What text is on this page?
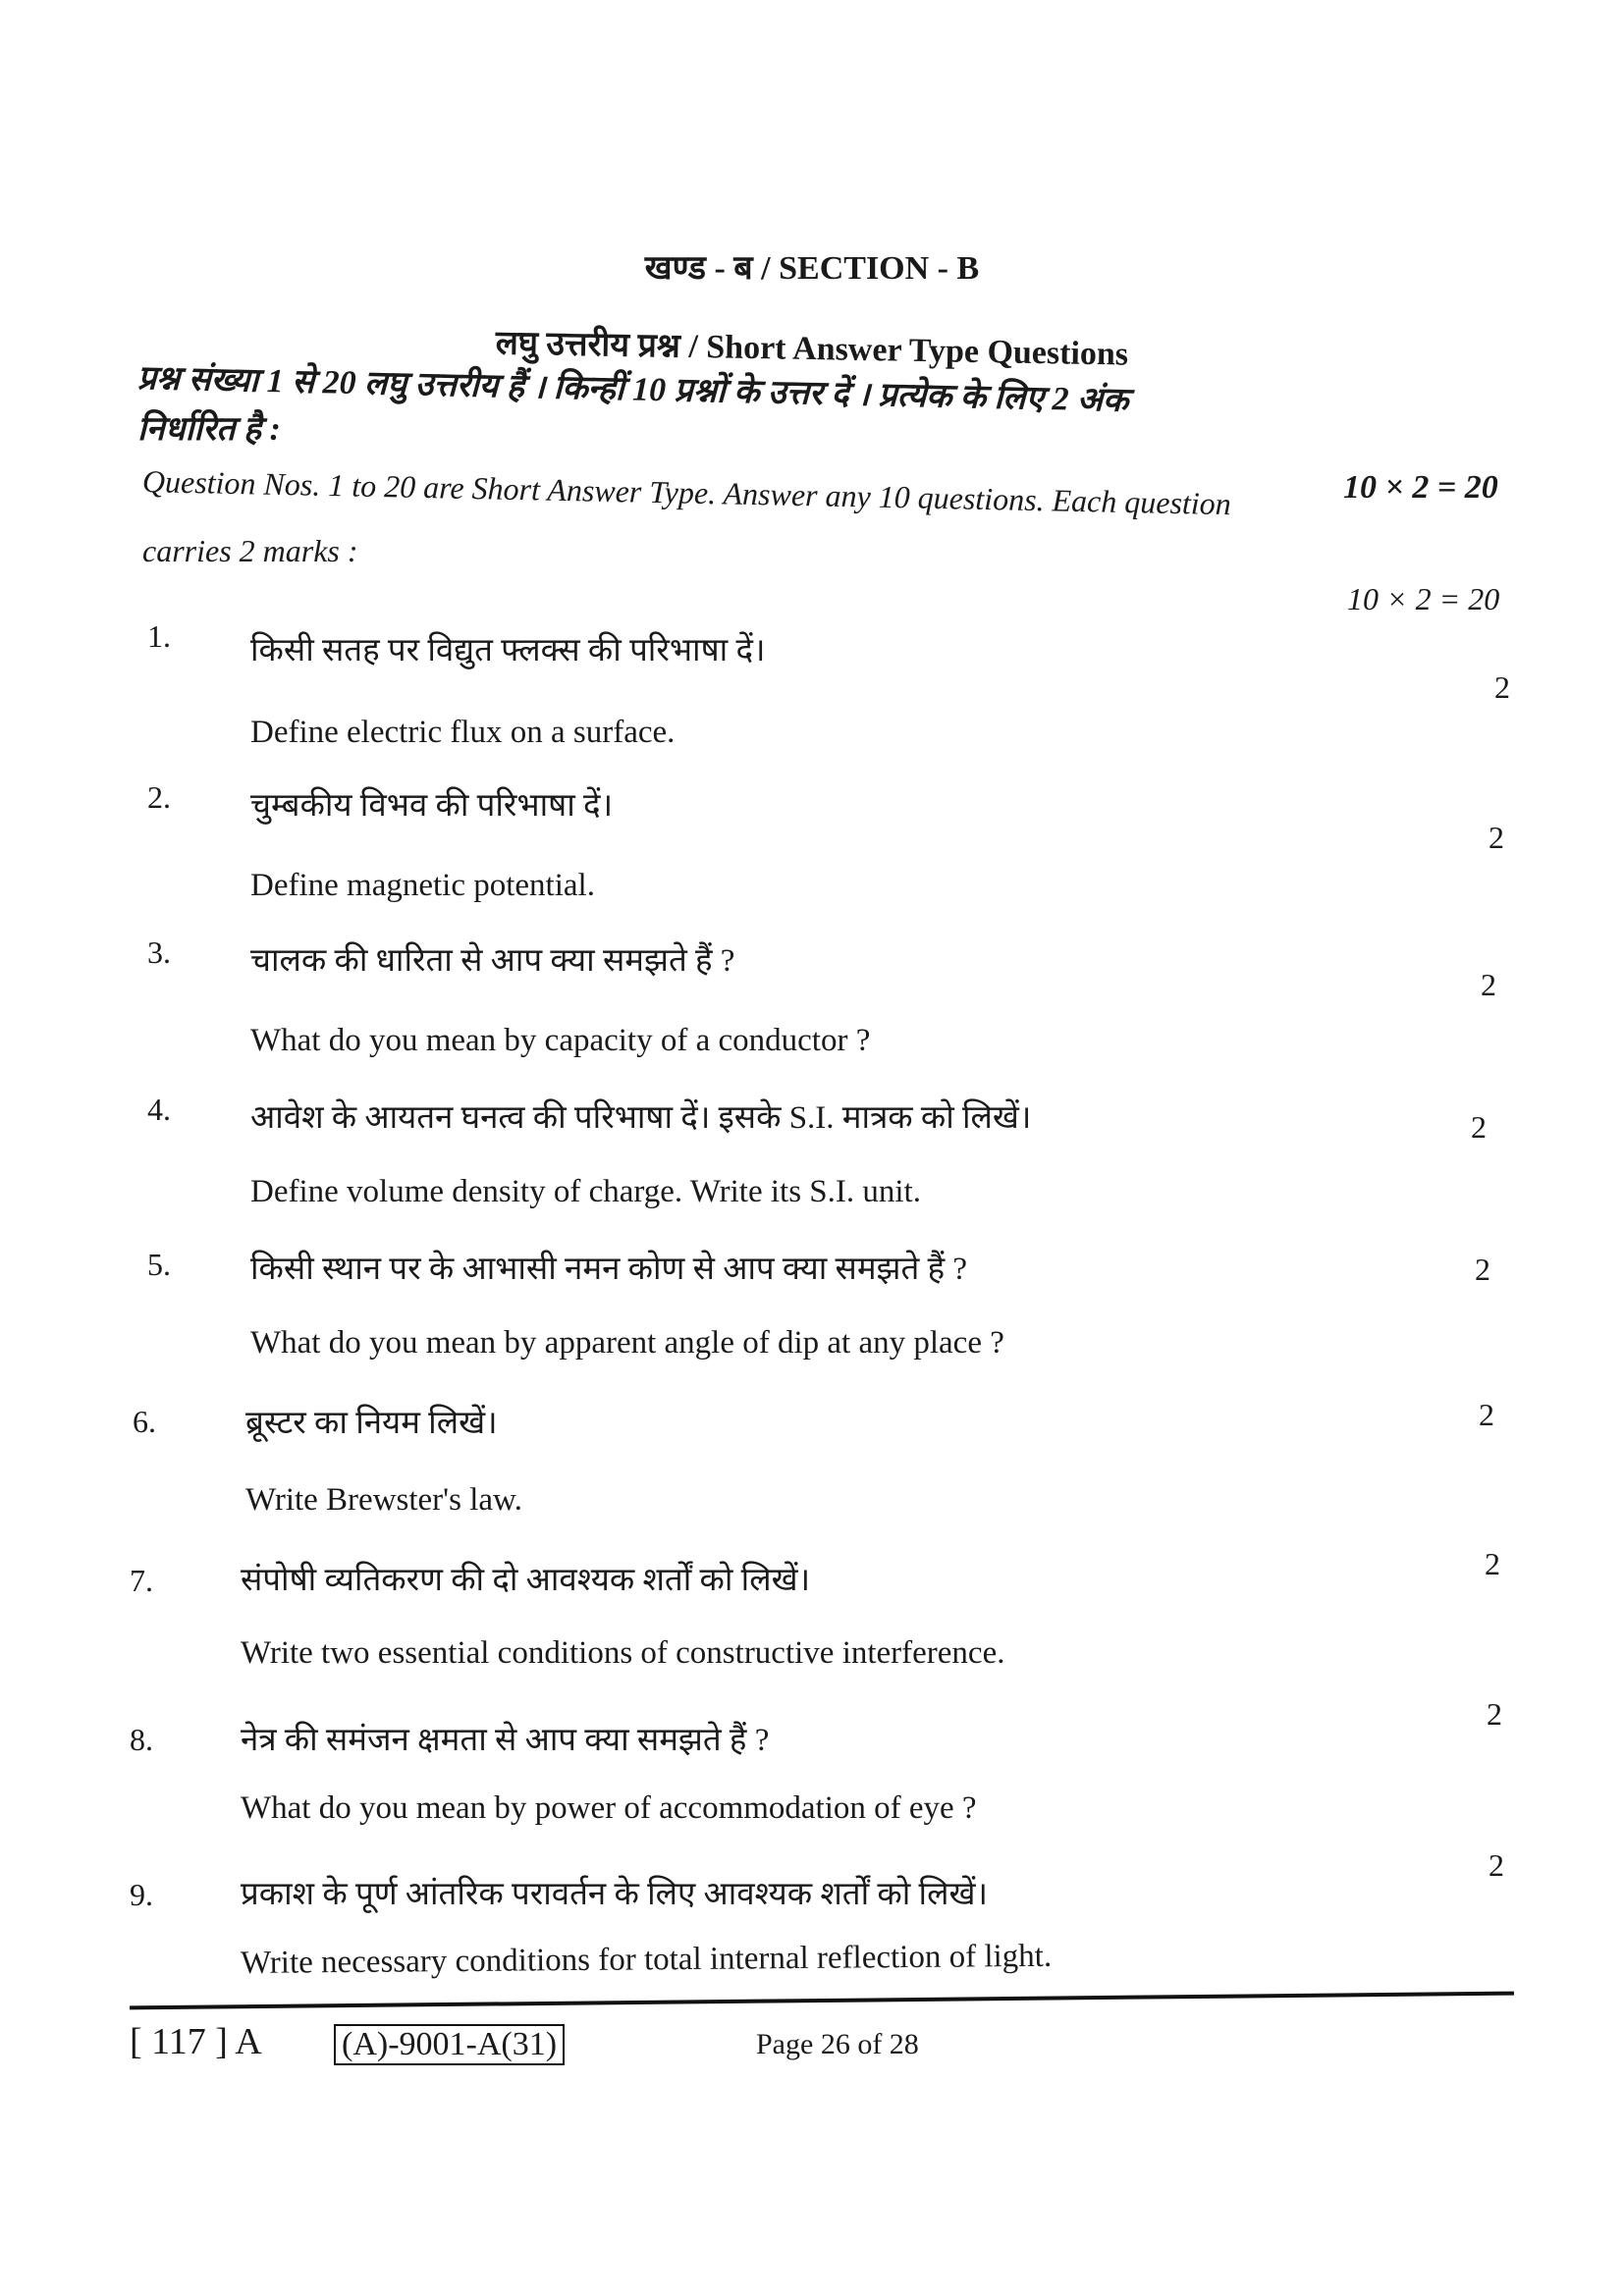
खण्ड - ब / SECTION - B
लघु उत्तरीय प्रश्न / Short Answer Type Questions
प्रश्न संख्या 1 से 20 लघु उत्तरीय हैं । किन्हीं 10 प्रश्नों के उत्तर दें । प्रत्येक के लिए 2 अंक
निर्धारित है :
10 × 2 = 20
Question Nos. 1 to 20 are Short Answer Type. Answer any 10 questions. Each question
carries 2 marks :
10 × 2 = 20
1. किसी सतह पर विद्युत फ्लक्स की परिभाषा दें।
Define electric flux on a surface.
2
2. चुम्बकीय विभव की परिभाषा दें।
Define magnetic potential.
2
3. चालक की धारिता से आप क्या समझते हैं ?
What do you mean by capacity of a conductor ?
2
4. आवेश के आयतन घनत्व की परिभाषा दें। इसके S.I. मात्रक को लिखें।
Define volume density of charge. Write its S.I. unit.
2
5. किसी स्थान पर के आभासी नमन कोण से आप क्या समझते हैं ?
What do you mean by apparent angle of dip at any place ?
2
6.	ब्रूस्टर का नियम लिखें।
Write Brewster's law.
2
7.	संपोषी व्यतिकरण की दो आवश्यक शर्तों को लिखें।
Write two essential conditions of constructive interference.
2
8.	नेत्र की समंजन क्षमता से आप क्या समझते हैं ?
What do you mean by power of accommodation of eye ?
2
9.	प्रकाश के पूर्ण आंतरिक परावर्तन के लिए आवश्यक शर्तों को लिखें।
Write necessary conditions for total internal reflection of light.
2
[ 117 ] A (A)-9001-A(31)	Page 26 of 28
